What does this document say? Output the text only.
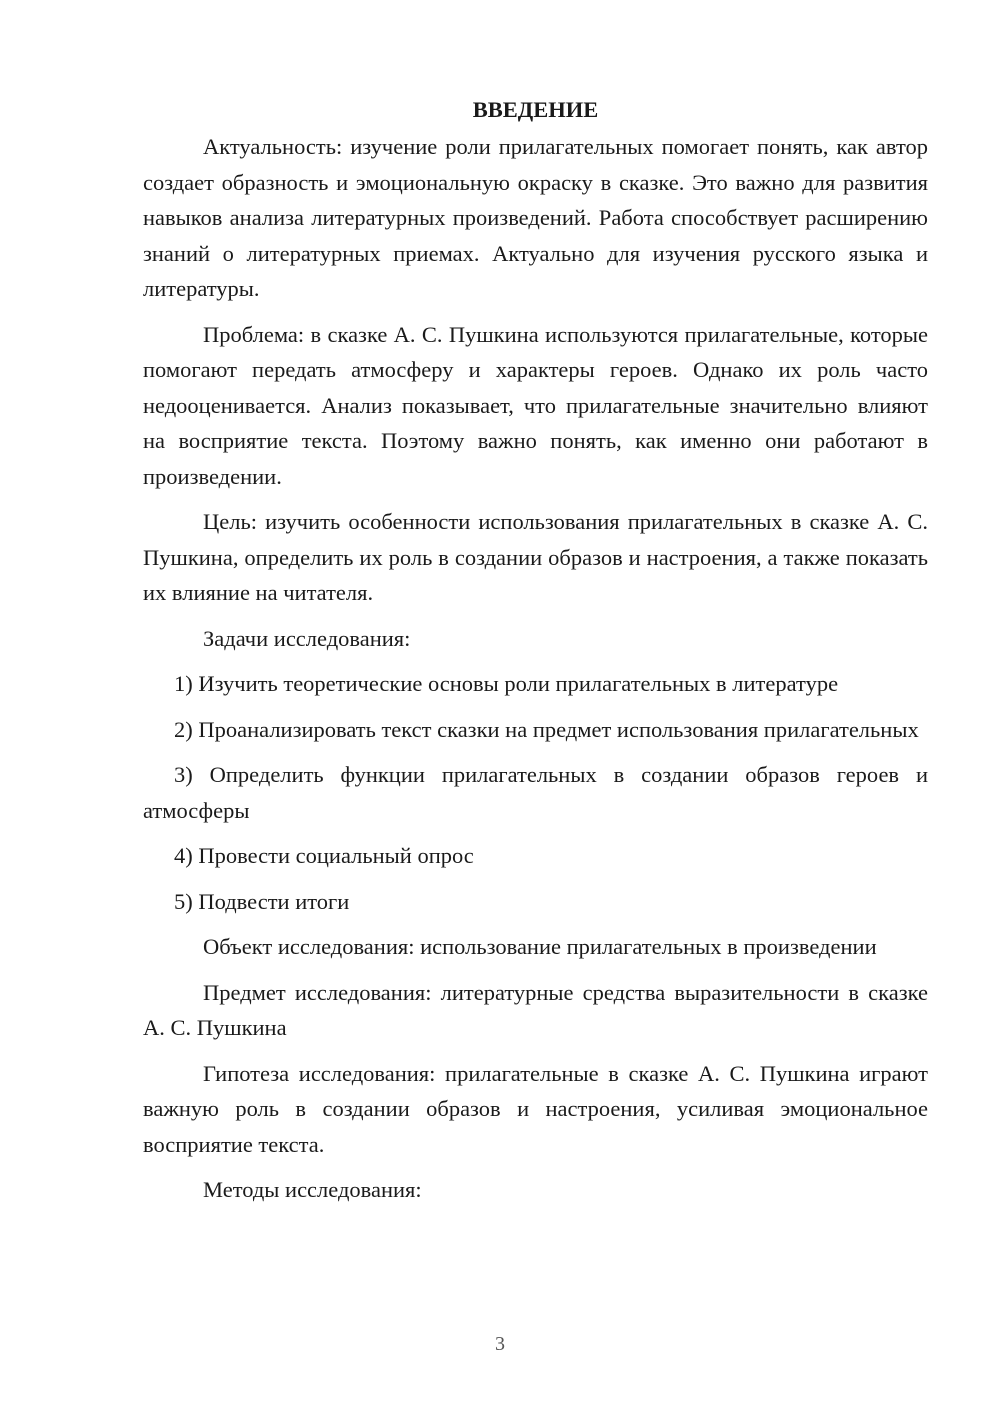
ВВЕДЕНИЕ

Актуальность: изучение роли прилагательных помогает понять, как автор создает образность и эмоциональную окраску в сказке. Это важно для развития навыков анализа литературных произведений. Работа способствует расширению знаний о литературных приемах. Актуально для изучения русского языка и литературы.

Проблема: в сказке А. С. Пушкина используются прилагательные, которые помогают передать атмосферу и характеры героев. Однако их роль часто недооценивается. Анализ показывает, что прилагательные значительно влияют на восприятие текста. Поэтому важно понять, как именно они работают в произведении.

Цель: изучить особенности использования прилагательных в сказке А. С. Пушкина, определить их роль в создании образов и настроения, а также показать их влияние на читателя.

Задачи исследования:

1) Изучить теоретические основы роли прилагательных в литературе

2) Проанализировать текст сказки на предмет использования прилагательных

3) Определить функции прилагательных в создании образов героев и атмосферы

4) Провести социальный опрос

5) Подвести итоги

Объект исследования: использование прилагательных в произведении

Предмет исследования: литературные средства выразительности в сказке А. С. Пушкина

Гипотеза исследования: прилагательные в сказке А. С. Пушкина играют важную роль в создании образов и настроения, усиливая эмоциональное восприятие текста.

Методы исследования:

3
